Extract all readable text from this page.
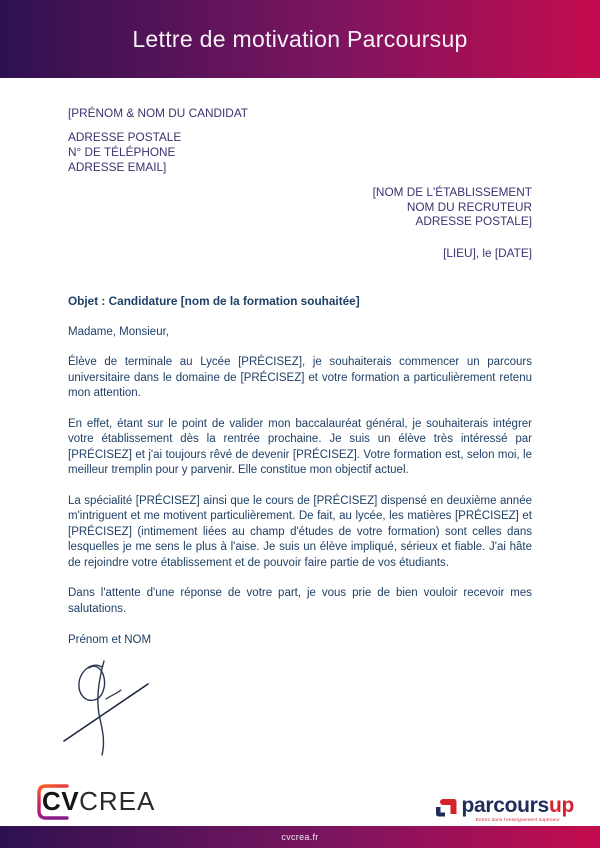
Lettre de motivation Parcoursup

[PRÉNOM & NOM DU CANDIDAT

ADRESSE POSTALE

N° DE TÉLÉPHONE

ADRESSE EMAIL]

[NOM DE L'ÉTABLISSEMENT

NOM DU RECRUTEUR

ADRESSE POSTALE]

[LIEU], le [DATE]

Objet : Candidature [nom de la formation souhaitée]

Madame, Monsieur,

Élève de terminale au Lycée [PRÉCISEZ], je souhaiterais commencer un parcours universitaire dans le domaine de [PRÉCISEZ] et votre formation a particulièrement retenu mon attention.

En effet, étant sur le point de valider mon baccalauréat général, je souhaiterais intégrer votre établissement dès la rentrée prochaine. Je suis un élève très intéressé par [PRÉCISEZ] et j'ai toujours rêvé de devenir [PRÉCISEZ]. Votre formation est, selon moi, le meilleur tremplin pour y parvenir. Elle constitue mon objectif actuel.

La spécialité [PRÉCISEZ] ainsi que le cours de [PRÉCISEZ] dispensé en deuxième année m'intriguent et me motivent particulièrement. De fait, au lycée, les matières [PRÉCISEZ] et [PRÉCISEZ] (intimement liées au champ d'études de votre formation) sont celles dans lesquelles je me sens le plus à l'aise. Je suis un élève impliqué, sérieux et fiable. J'ai hâte de rejoindre votre établissement et de pouvoir faire partie de vos étudiants.

Dans l'attente d'une réponse de votre part, je vous prie de bien vouloir recevoir mes salutations.

Prénom et NOM

CVCREA	parcoursup
Entrez dans l'enseignement supérieur
cvcrea.fr
